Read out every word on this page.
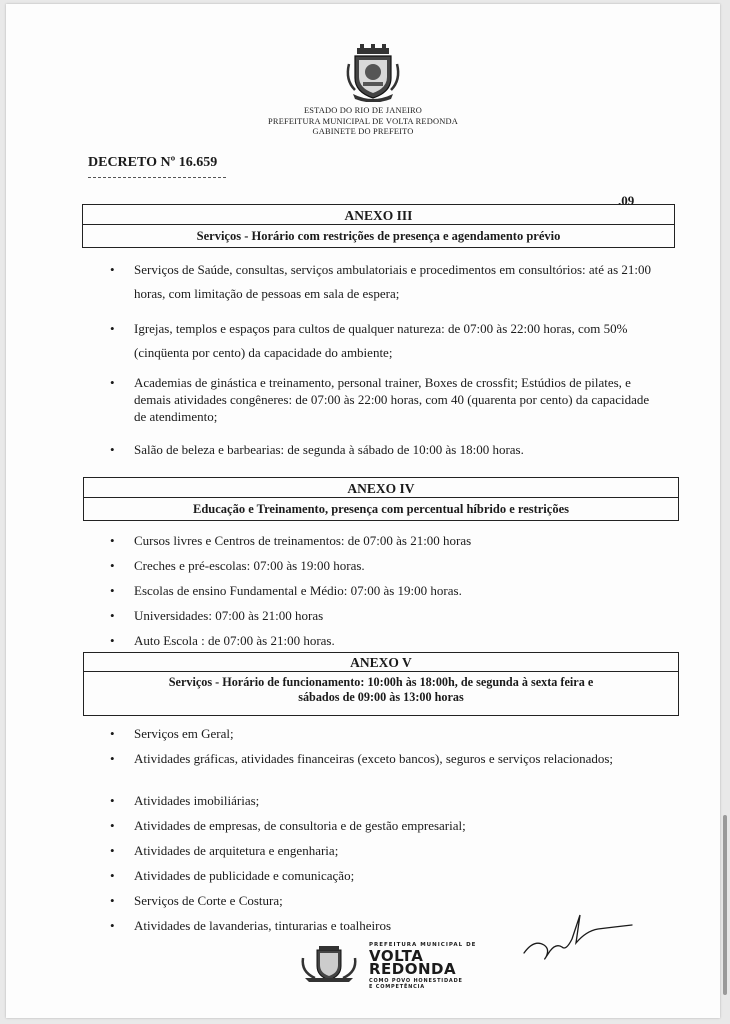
ESTADO DO RIO DE JANEIRO
PREFEITURA MUNICIPAL DE VOLTA REDONDA
GABINETE DO PREFEITO
DECRETO Nº 16.659
.09
ANEXO III
Serviços - Horário com restrições de presença e agendamento prévio
• Serviços de Saúde, consultas, serviços ambulatoriais e procedimentos em consultórios: até as 21:00 horas, com limitação de pessoas em sala de espera;
• Igrejas, templos e espaços para cultos de qualquer natureza: de 07:00 às 22:00 horas, com 50% (cinqüenta por cento) da capacidade do ambiente;
• Academias de ginástica e treinamento, personal trainer, Boxes de crossfit; Estúdios de pilates, e demais atividades congêneres: de 07:00 às 22:00 horas, com 40 (quarenta por cento) da capacidade de atendimento;
• Salão de beleza e barbearias: de segunda à sábado de 10:00 às 18:00 horas.
ANEXO IV
Educação e Treinamento, presença com percentual híbrido e restrições
• Cursos livres e Centros de treinamentos: de 07:00 às 21:00 horas
• Creches e pré-escolas: 07:00 às 19:00 horas.
• Escolas de ensino Fundamental e Médio: 07:00 às 19:00 horas.
• Universidades: 07:00 às 21:00 horas
• Auto Escola : de 07:00 às 21:00 horas.
ANEXO V
Serviços - Horário de funcionamento: 10:00h às 18:00h, de segunda à sexta feira e
sábados de 09:00 às 13:00 horas
• Serviços em Geral;
• Atividades gráficas, atividades financeiras (exceto bancos), seguros e serviços relacionados;
• Atividades imobiliárias;
• Atividades de empresas, de consultoria e de gestão empresarial;
• Atividades de arquitetura e engenharia;
• Atividades de publicidade e comunicação;
• Serviços de Corte e Costura;
• Atividades de lavanderias, tinturarias e toalheiros
PREFEITURA MUNICIPAL DE
VOLTA
REDONDA
COMO POVO HONESTIDADE
E COMPETÊNCIA
